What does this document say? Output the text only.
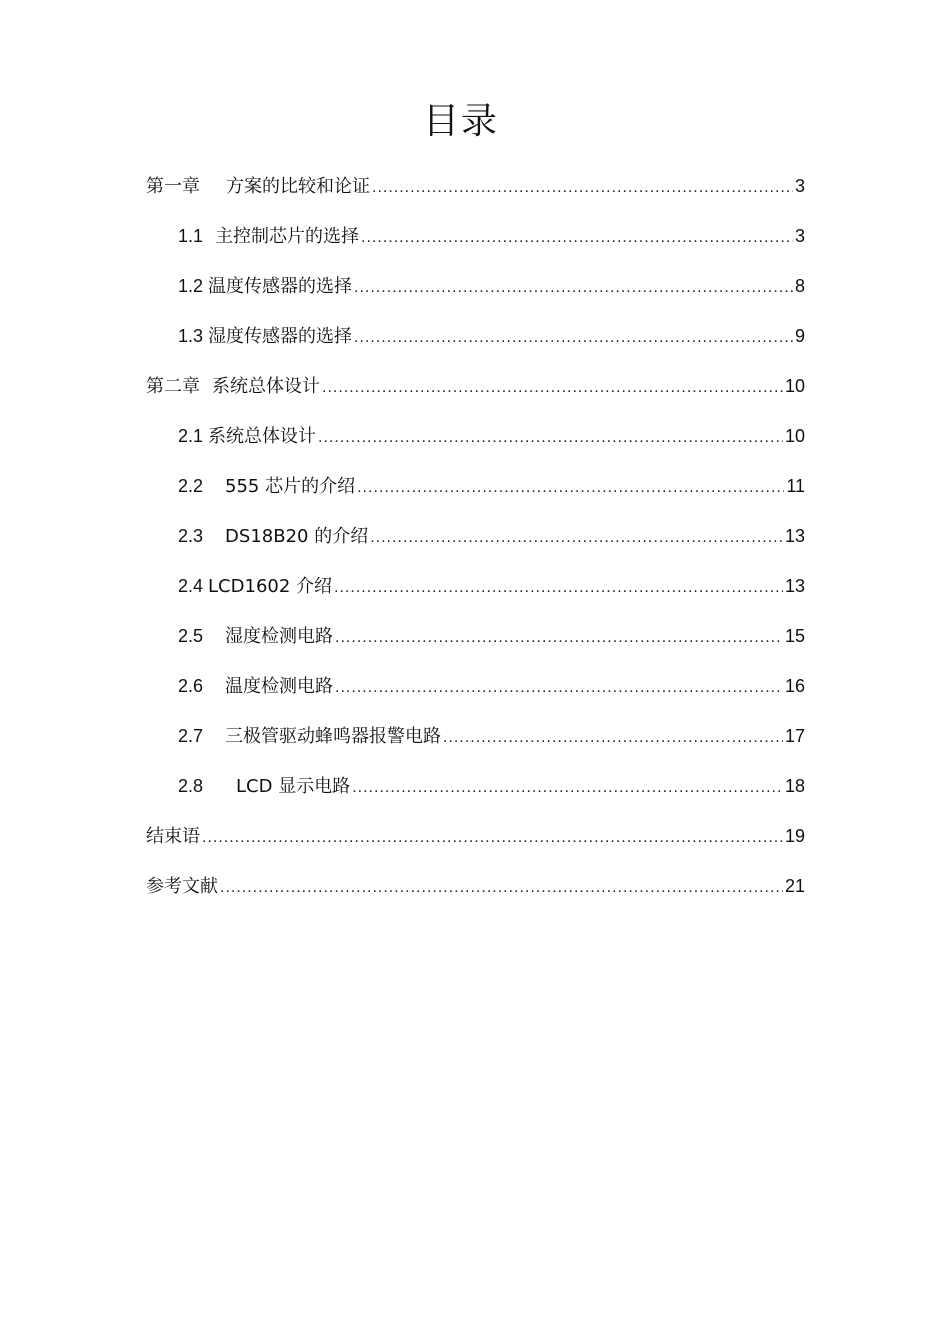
目录
第一章 方案的比较和论证 .....	3
1.1 主控制芯片的选择 .....	3
1.2 温度传感器的选择 .....	8
1.3 湿度传感器的选择 .....	9
第二章 系统总体设计 .....	10
2.1 系统总体设计 .....	10
2.2 555 芯片的介绍 .....	11
2.3 DS18B20 的介绍 .....	13
2.4 LCD1602 介绍 .....	13
2.5 湿度检测电路 .....	15
2.6 温度检测电路 .....	16
2.7 三极管驱动蜂鸣器报警电路 .....	17
2.8 LCD 显示电路 .....	18
结束语 .....	19
参考文献 .....	21
